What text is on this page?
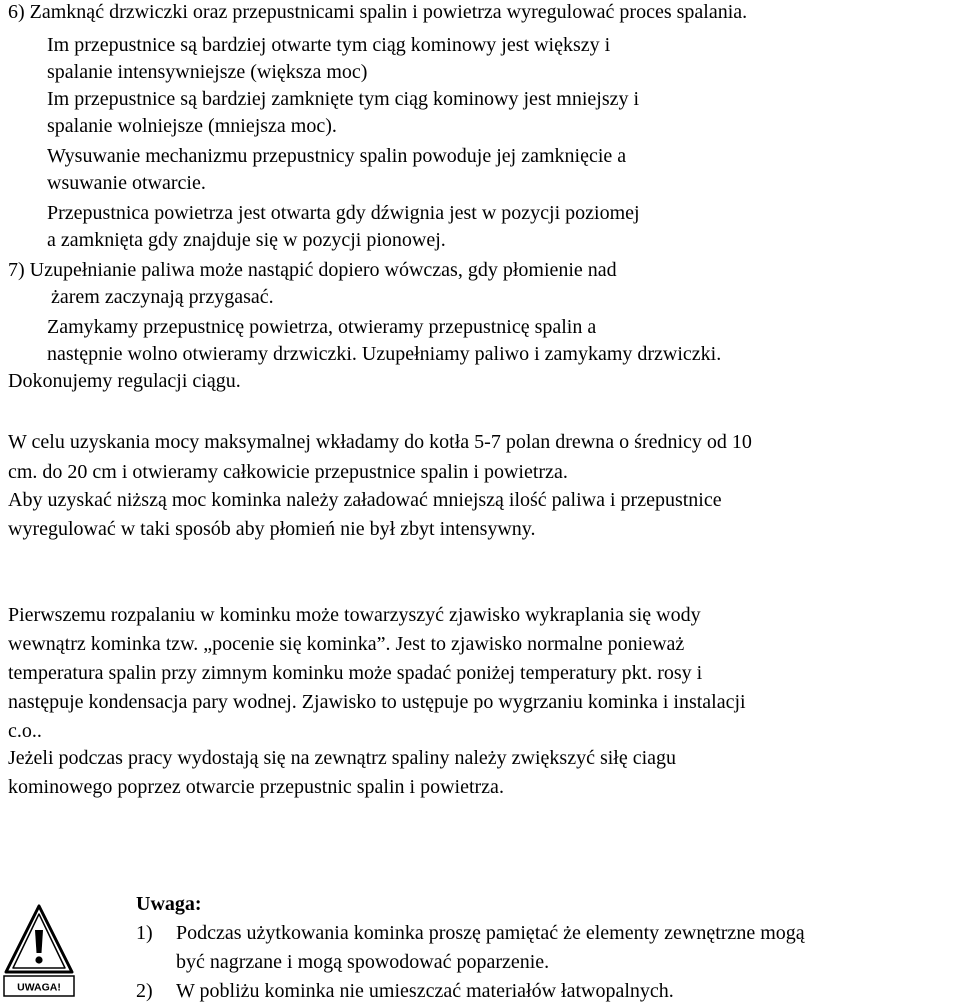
6) Zamknąć drzwiczki oraz przepustnicami spalin i powietrza wyregulować proces spalania.
Im przepustnice są bardziej otwarte tym ciąg kominowy jest większy i
spalanie intensywniejsze (większa moc)
Im przepustnice są bardziej zamknięte tym ciąg kominowy jest mniejszy i
spalanie wolniejsze (mniejsza moc).
Wysuwanie mechanizmu przepustnicy spalin powoduje jej zamknięcie a
wsuwanie otwarcie.
Przepustnica powietrza jest otwarta gdy dźwignia jest w pozycji poziomej
a zamknięta gdy znajduje się w pozycji pionowej.
7) Uzupełnianie paliwa może nastąpić dopiero wówczas, gdy płomienie nad
żarem zaczynają przygasać.
Zamykamy przepustnicę powietrza, otwieramy przepustnicę spalin a
następnie wolno otwieramy drzwiczki. Uzupełniamy paliwo i zamykamy drzwiczki.
Dokonujemy regulacji ciągu.
W celu uzyskania mocy maksymalnej wkładamy do kotła 5-7 polan drewna o średnicy od 10
cm. do 20 cm i otwieramy całkowicie przepustnice spalin i powietrza.
Aby uzyskać niższą moc kominka należy załadować mniejszą ilość paliwa i przepustnice
wyregulować w taki sposób aby płomień nie był zbyt intensywny.
Pierwszemu rozpalaniu w kominku może towarzyszyć zjawisko wykraplania się wody
wewnątrz kominka tzw. „pocenie się kominka”. Jest to zjawisko normalne ponieważ
temperatura spalin przy zimnym kominku może spadać poniżej temperatury pkt. rosy i
następuje kondensacja pary wodnej. Zjawisko to ustępuje po wygrzaniu kominka i instalacji
c.o..
Jeżeli podczas pracy wydostają się na zewnątrz spaliny należy zwiększyć siłę ciagu
kominowego poprzez otwarcie przepustnic spalin i powietrza.
UWAGA!
Uwaga:
1) Podczas użytkowania kominka proszę pamiętać że elementy zewnętrzne mogą
być nagrzane i mogą spowodować poparzenie.
2) W pobliżu kominka nie umieszczać materiałów łatwopalnych.
